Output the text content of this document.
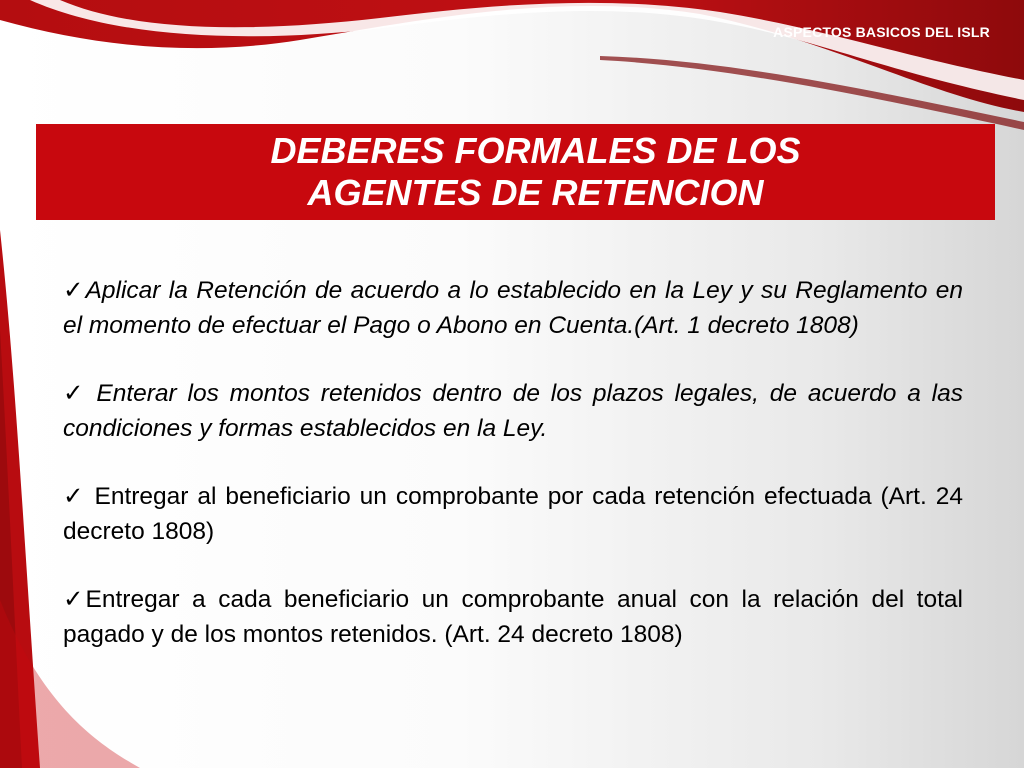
ASPECTOS BASICOS DEL ISLR
DEBERES FORMALES DE LOS
AGENTES DE RETENCION

✓Aplicar la Retención de acuerdo a lo establecido en la Ley y su Reglamento en el momento de efectuar el Pago o Abono en Cuenta.(Art. 1 decreto 1808)

✓ Enterar los montos retenidos dentro de los plazos legales, de acuerdo a las condiciones y formas establecidos en la Ley.

✓ Entregar al beneficiario un comprobante por cada retención efectuada (Art. 24 decreto 1808)

✓Entregar a cada beneficiario un comprobante anual con la relación del total pagado y de los montos retenidos. (Art. 24 decreto 1808)
